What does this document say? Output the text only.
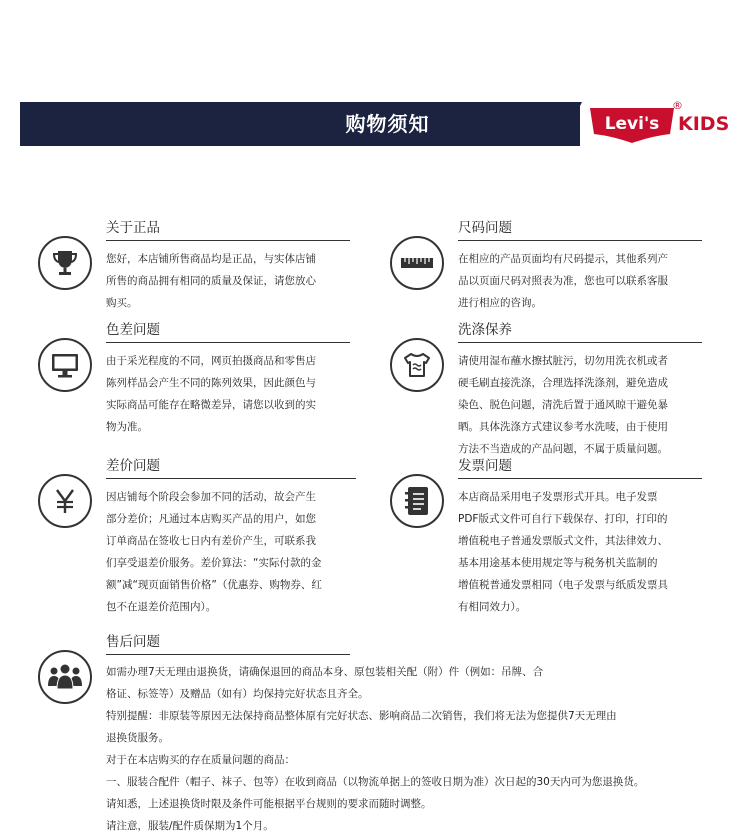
购物须知	Levi's
®
KIDS
关于正品

您好，本店铺所售商品均是正品，与实体店铺

所售的商品拥有相同的质量及保证，请您放心

购买。

尺码问题

在相应的产品页面均有尺码提示，其他系列产

品以页面尺码对照表为准，您也可以联系客服

进行相应的咨询。

色差问题

由于采光程度的不同，网页拍摄商品和零售店

陈列样品会产生不同的陈列效果，因此颜色与

实际商品可能存在略微差异，请您以收到的实

物为准。

洗涤保养

请使用湿布蘸水擦拭脏污，切勿用洗衣机或者

硬毛刷直接洗涤，合理选择洗涤剂，避免造成

染色、脱色问题，清洗后置于通风晾干避免暴

晒。具体洗涤方式建议参考水洗唛，由于使用

方法不当造成的产品问题，不属于质量问题。

差价问题

因店铺每个阶段会参加不同的活动，故会产生

部分差价；凡通过本店购买产品的用户，如您

订单商品在签收七日内有差价产生，可联系我

们享受退差价服务。差价算法：“实际付款的金

额”减“现页面销售价格”（优惠券、购物券、红

包不在退差价范围内）。

发票问题

本店商品采用电子发票形式开具。电子发票

PDF版式文件可自行下载保存、打印，打印的

增值税电子普通发票版式文件，其法律效力、

基本用途基本使用规定等与税务机关监制的

增值税普通发票相同（电子发票与纸质发票具

有相同效力）。

售后问题

如需办理7天无理由退换货，请确保退回的商品本身、原包装相关配（附）件（例如：吊牌、合

格证、标签等）及赠品（如有）均保持完好状态且齐全。

特别提醒：非原装等原因无法保持商品整体原有完好状态、影响商品二次销售，我们将无法为您提供7天无理由

退换货服务。

对于在本店购买的存在质量问题的商品：

一、服装合配件（帽子、袜子、包等）在收到商品（以物流单据上的签收日期为准）次日起的30天内可为您退换货。

请知悉，上述退换货时限及条件可能根据平台规则的要求而随时调整。

请注意，服装/配件质保期为1个月。
